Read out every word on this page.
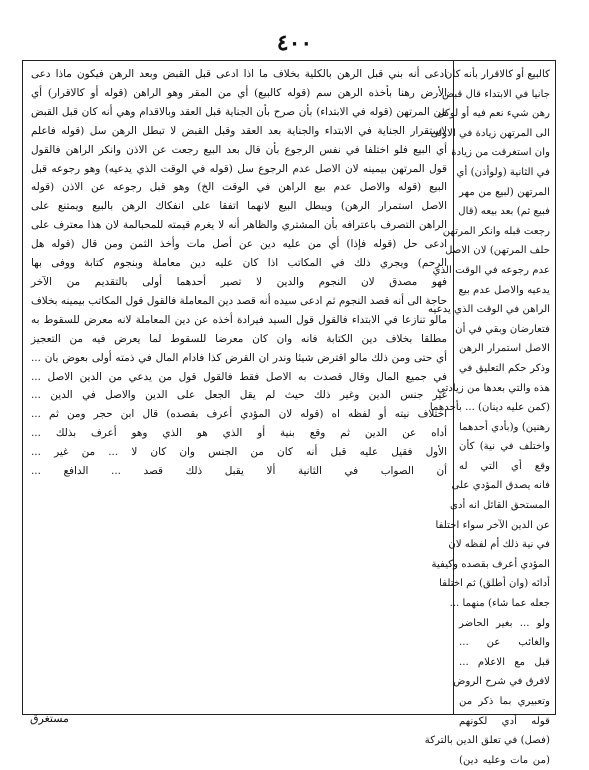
٤٠٠
كالبيع أو كالاقرار بأنه كان
جانيا في الابتداء قال قبض
رهن شيء نعم فيه أو لوكل
الى المرتهن زيادة في الاولى
وان استغرقت من زيادة
في الثانية (ولوأذن) أي
المرتهن (لبيع من مهر
فبيع ثم) بعد بيعه (قال
رجعت قبله وانكر المرتهن
حلف المرتهن) لان الاصل
عدم رجوعه في الوقت الذي
يدعيه والاصل عدم بيع
الراهن في الوقت الذي يدعيه
فتعارضان وبقي في أن
الاصل استمرار الرهن
وذكر حكم التعليق في
هذه والتي بعدها من زيادتي
(كمن عليه دينان) ... بأحدهما
رهنين) و(بأدي أحدهما
واختلف في نية) كأن
وقع أي التي له
فانه يصدق المؤدي على
المستحق القائل انه أدى
عن الدين الآخر سواء اختلفا
في نية ذلك أم لفظه لان
المؤدي أعرف بقصده وكيفية
أدائه (وان أطلق) ثم اختلفا
جعله عما شاء) منهما ...
ولو ... بغير الحاضر
والغائب عن ...
قبل مع الاعلام ...
لافرق في شرح الروض
وتعبيري بما ذكر من
قوله أدي لكونهم
(فصل) في تعلق الدين بالتركة
(من مات وعليه دين)
ادعى أنه بني قبل الرهن بالكلية بخلاف ما اذا ادعى قبل القبض وبعد الرهن فيكون ماذا دعى
الأرض رهنا بأخذه الرهن سم (قوله كالبيع) أي من المقر وهو الراهن (قوله أو كالاقرار) أي
من المرتهن (قوله في الابتداء) بأن صرح بأن الجناية قبل العقد وبالاقدام وهي أنه كان قبل القبض
لاستقرار الجناية في الابتداء والجناية بعد العقد وقبل القبض لا تبطل الرهن سل (قوله فاعلم
أي البيع فلو اختلفا في نفس الرجوع بأن قال بعد البيع رجعت عن الاذن وانكر الراهن فالقول
قول المرتهن بيمينه لان الاصل عدم الرجوع سل (قوله في الوقت الذي يدعيه) وهو رجوعه قبل
البيع (قوله والاصل عدم بيع الراهن في الوقت الخ) وهو قبل رجوعه عن الاذن (قوله
الاصل استمرار الرهن) ويبطل البيع لانهما اتفقا على انفكاك الرهن بالبيع ويمتنع على
الراهن التصرف باعترافه بأن المشتري والظاهر أنه لا يغرم قيمته للمحبالمة لان هذا معترف على
ادعى حل (قوله فإذا) أي من عليه دين عن أصل مات وأخذ الثمن ومن قال (قوله هل
الرحم) ويجري ذلك في المكاتب اذا كان عليه دين معاملة وبنجوم كتابة ووفى بها
فهو مصدق لان النجوم والدين لا تصير أحدهما أولى بالتقديم من الآخر
حاجة الى أنه قصد النجوم ثم ادعى سيده أنه قصد دين المعاملة فالقول قول المكاتب بيمينه بخلاف
مالو تنازعا في الابتداء فالقول قول السيد فيرادة أخذه عن دين المعاملة لانه معرض للسقوط به
مطلقا بخلاف دين الكتابة فانه وان كان معرضا للسقوط لما يعرض فيه من التعجيز
أي حتى ومن ذلك مالو اقترض شيئا وندر ان القرض كذا فادام المال في ذمته أولى بعوض بان ...
في جميع المال وقال قصدت به الاصل فقط فالقول قول من يدعي من الدين الاصل ...
غير جنس الدين وغير ذلك حيث لم يقل الجعل على الدين والاصل في الدين ...
اختلاف نيته أو لفظه اه (قوله لان المؤدي أعرف بقصده) قال ابن حجر ومن ثم ...
أداه عن الدين ثم وقع بنية أو الذي هو الذي وهو أعرف بذلك ...
الأول فقيل عليه قبل أنه كان من الجنس وان كان لا ... من غير ...
أن الصواب في الثانية ألا يقبل ذلك قصد ... الدافع ...
مستغرق
